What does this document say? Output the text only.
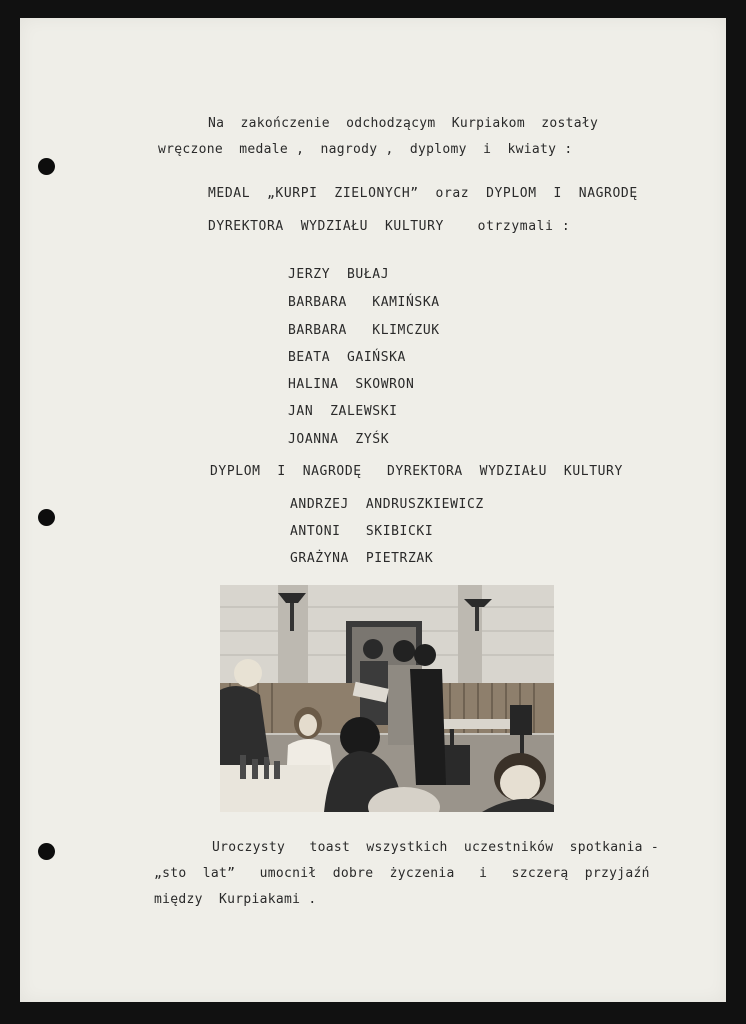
Na  zakończenie  odchodzącym  Kurpiakom  zostały
wręczone  medale ,  nagrody ,  dyplomy  i  kwiaty :
MEDAL  „KURPI  ZIELONYCH”  oraz  DYPLOM  I  NAGRODĘ
DYREKTORA  WYDZIAŁU  KULTURY    otrzymali :
JERZY  BUŁAJ
BARBARA   KAMIŃSKA
BARBARA   KLIMCZUK
BEATA  GAIŃSKA
HALINA  SKOWRON
JAN  ZALEWSKI
JOANNA  ZYŚK
DYPLOM  I  NAGRODĘ   DYREKTORA  WYDZIAŁU  KULTURY
ANDRZEJ  ANDRUSZKIEWICZ
ANTONI   SKIBICKI
GRAŻYNA  PIETRZAK
Uroczysty   toast  wszystkich  uczestników  spotkania -
„sto  lat”   umocnił  dobre  życzenia   i   szczerą  przyjaźń
między  Kurpiakami .
